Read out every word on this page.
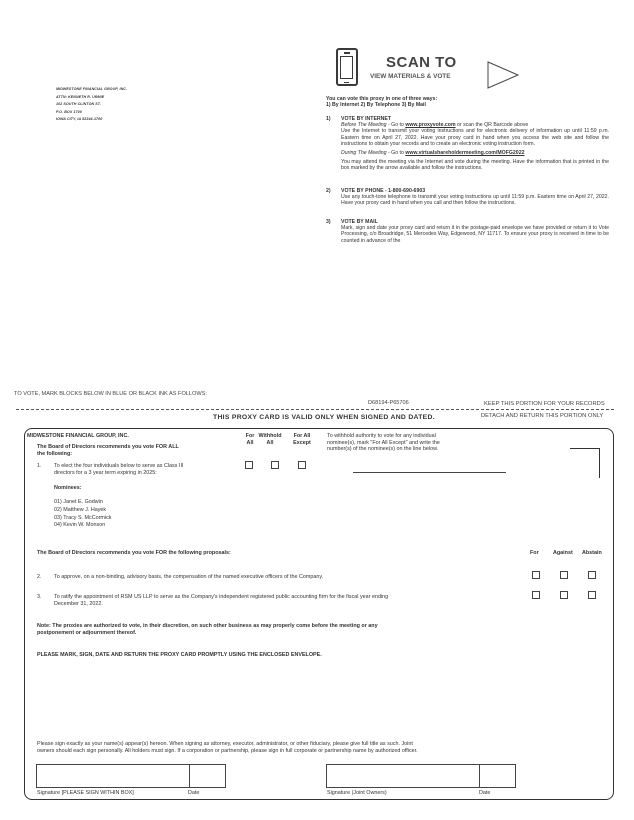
MIDWESTONE FINANCIAL GROUP, INC.
ATTN: KENNETH R. URMIE
102 SOUTH CLINTON ST.
P.O. BOX 1700
IOWA CITY, IA 52244-1700
SCAN TO
VIEW MATERIALS & VOTE
You can vote this proxy in one of three ways:
1) By Internet 2) By Telephone 3) By Mail
1) VOTE BY INTERNET
Before The Meeting - Go to www.proxyvote.com or scan the QR Barcode above
Use the Internet to transmit your voting instructions and for electronic delivery of information up until 11:59 p.m. Eastern time on April 27, 2022. Have your proxy card in hand when you access the web site and follow the instructions to obtain your records and to create an electronic voting instruction form.
During The Meeting - Go to www.virtualshareholdermeeting.com/MOFG2022
You may attend the meeting via the Internet and vote during the meeting. Have the information that is printed in the box marked by the arrow available and follow the instructions.
2) VOTE BY PHONE - 1-800-690-6903
Use any touch-tone telephone to transmit your voting instructions up until 11:59 p.m. Eastern time on April 27, 2022. Have your proxy card in hand when you call and then follow the instructions.
3) VOTE BY MAIL
Mark, sign and date your proxy card and return it in the postage-paid envelope we have provided or return it to Vote Processing, c/o Broadridge, 51 Mercedes Way, Edgewood, NY 11717. To ensure your proxy is received in time to be counted in advance of the
TO VOTE, MARK BLOCKS BELOW IN BLUE OR BLACK INK AS FOLLOWS:
D68194-P65706	KEEP THIS PORTION FOR YOUR RECORDS
DETACH AND RETURN THIS PORTION ONLY
THIS PROXY CARD IS VALID ONLY WHEN SIGNED AND DATED.
MIDWESTONE FINANCIAL GROUP, INC.
The Board of Directors recommends you vote FOR ALL
the following:
For
All
Withhold
All
For All
Except
To withhold authority to vote for any individual
nominee(s), mark "For All Except" and write the
number(s) of the nominee(s) on the line below.
1. To elect the four individuals below to serve as Class III
directors for a 3 year term expiring in 2025:
Nominees:
01) Janet E. Godwin
02) Matthew J. Hayek
03) Tracy S. McCormick
04) Kevin W. Monson
The Board of Directors recommends you vote FOR the following proposals:	For	Against Abstain
2. To approve, on a non-binding, advisory basis, the compensation of the named executive officers of the Company.
3. To ratify the appointment of RSM US LLP to serve as the Company's independent registered public accounting firm for the fiscal year ending
December 31, 2022.
Note: The proxies are authorized to vote, in their discretion, on such other business as may properly come before the meeting or any
postponement or adjournment thereof.
PLEASE MARK, SIGN, DATE AND RETURN THE PROXY CARD PROMPTLY USING THE ENCLOSED ENVELOPE.
Please sign exactly as your name(s) appear(s) hereon. When signing as attorney, executor, administrator, or other fiduciary, please give full title as such. Joint
owners should each sign personally. All holders must sign. If a corporation or partnership, please sign in full corporate or partnership name by authorized officer.
Signature [PLEASE SIGN WITHIN BOX]	Date	Signature (Joint Owners)	Date
